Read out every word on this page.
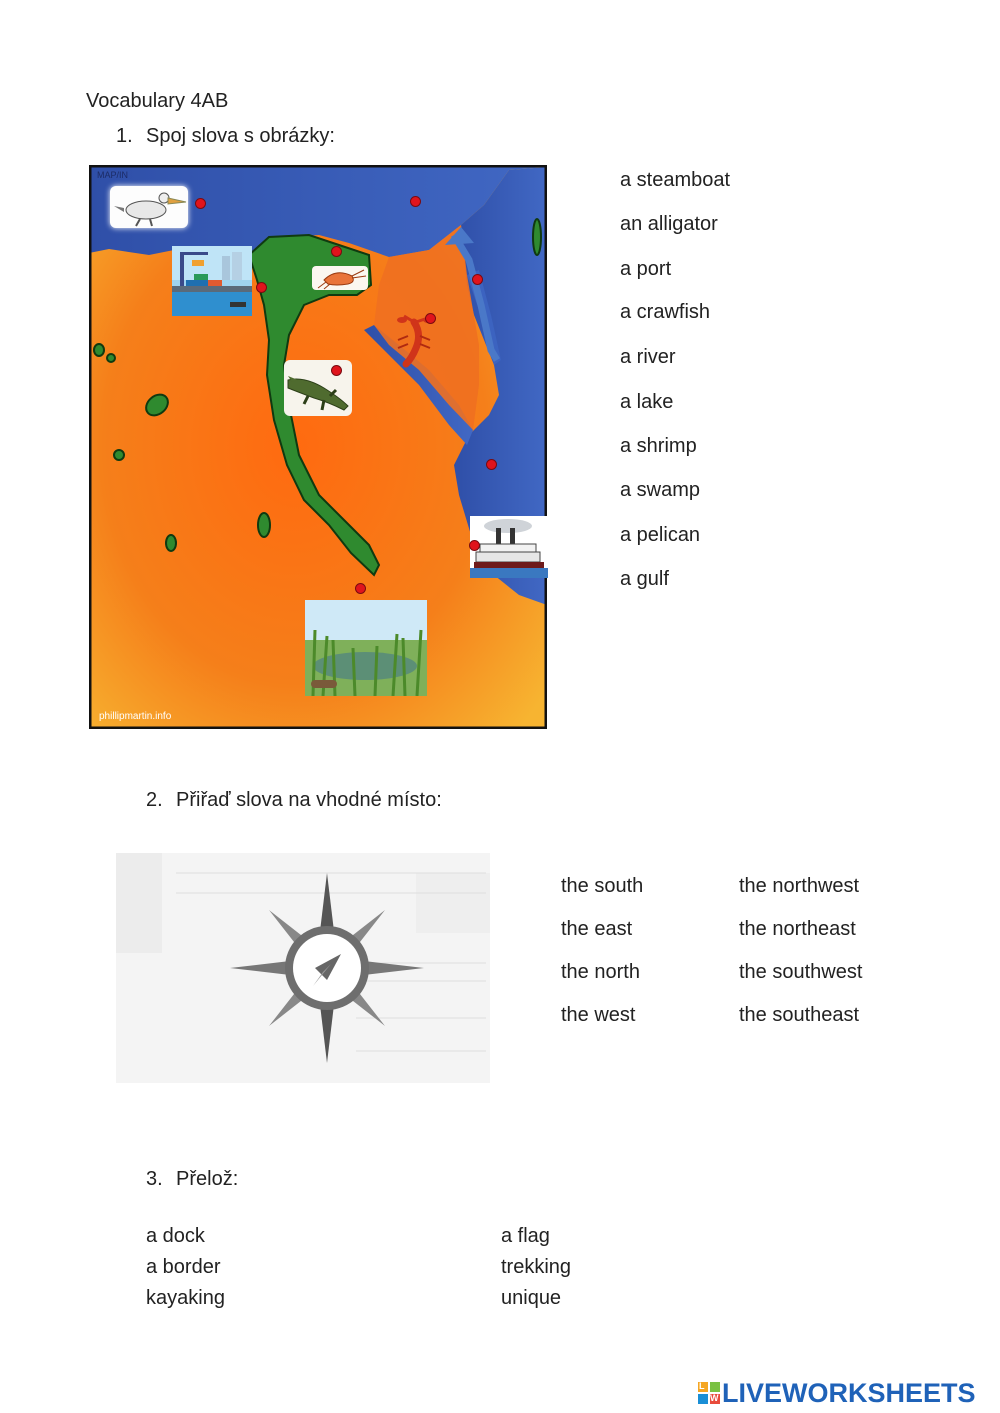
Vocabulary 4AB
1. Spoj slova s obrázky:
MAP/IN
phillipmartin.info
a steamboat
an alligator
a port
a crawfish
a river
a lake
a shrimp
a swamp
a pelican
a gulf
2. Přiřaď slova na vhodné místo:
the south
the east
the north
the west
the northwest
the northeast
the southwest
the southeast
3. Přelož:
a dock
a border
kayaking
a flag
trekking
unique
L
W LIVEWORKSHEETS
